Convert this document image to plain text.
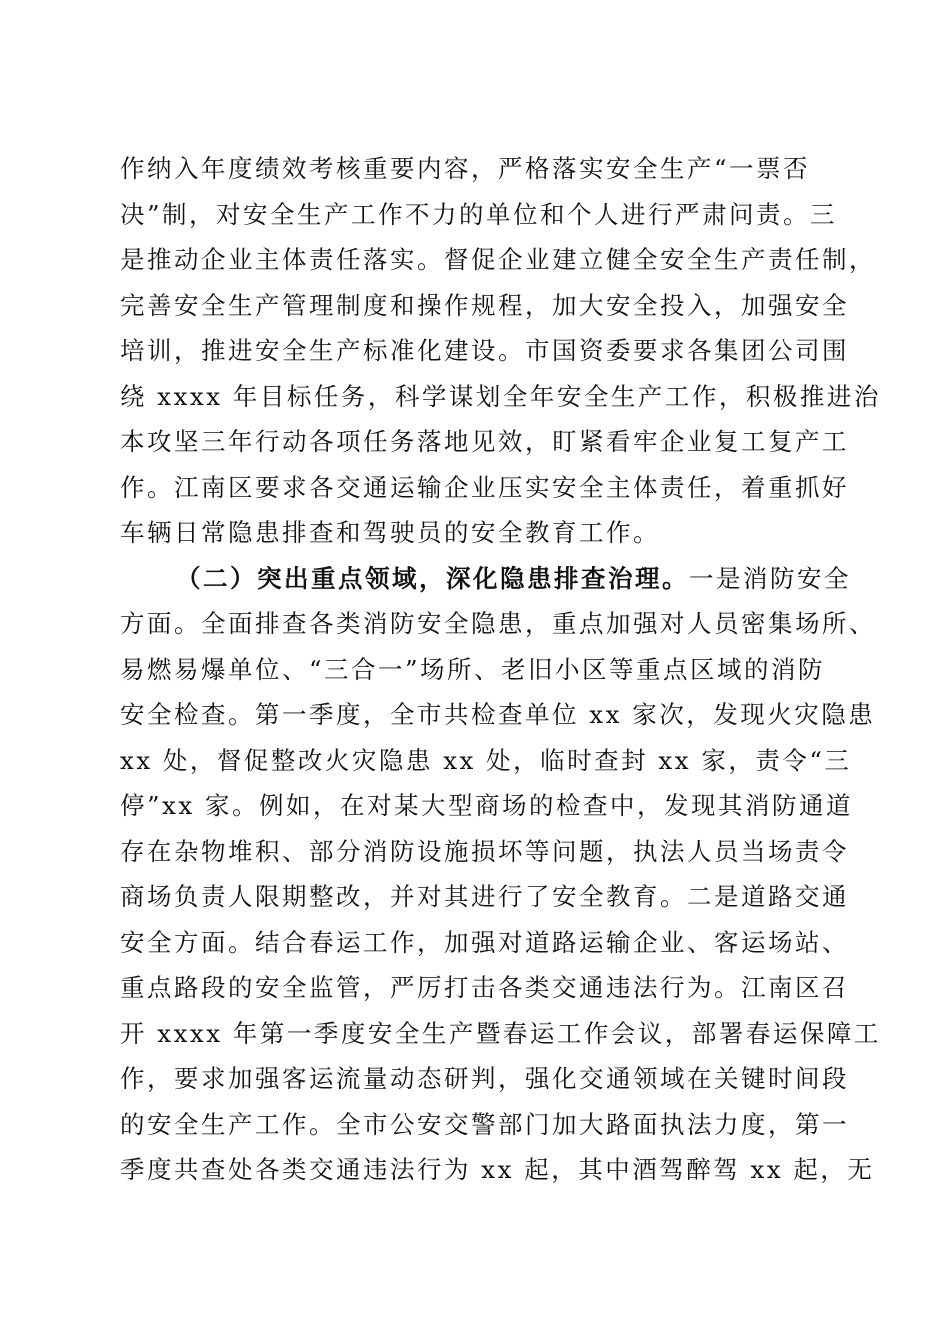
作纳入年度绩效考核重要内容，严格落实安全生产“一票否
决”制，对安全生产工作不力的单位和个人进行严肃问责。三
是推动企业主体责任落实。督促企业建立健全安全生产责任制，
完善安全生产管理制度和操作规程，加大安全投入，加强安全
培训，推进安全生产标准化建设。市国资委要求各集团公司围
绕 xxxx 年目标任务，科学谋划全年安全生产工作，积极推进治
本攻坚三年行动各项任务落地见效，盯紧看牢企业复工复产工
作。江南区要求各交通运输企业压实安全主体责任，着重抓好
车辆日常隐患排查和驾驶员的安全教育工作。
（二）突出重点领域，深化隐患排查治理。一是消防安全
方面。全面排查各类消防安全隐患，重点加强对人员密集场所、
易燃易爆单位、“三合一”场所、老旧小区等重点区域的消防
安全检查。第一季度，全市共检查单位 xx 家次，发现火灾隐患
xx 处，督促整改火灾隐患 xx 处，临时查封 xx 家，责令“三
停”xx 家。例如，在对某大型商场的检查中，发现其消防通道
存在杂物堆积、部分消防设施损坏等问题，执法人员当场责令
商场负责人限期整改，并对其进行了安全教育。二是道路交通
安全方面。结合春运工作，加强对道路运输企业、客运场站、
重点路段的安全监管，严厉打击各类交通违法行为。江南区召
开 xxxx 年第一季度安全生产暨春运工作会议，部署春运保障工
作，要求加强客运流量动态研判，强化交通领域在关键时间段
的安全生产工作。全市公安交警部门加大路面执法力度，第一
季度共查处各类交通违法行为 xx 起，其中酒驾醉驾 xx 起，无
